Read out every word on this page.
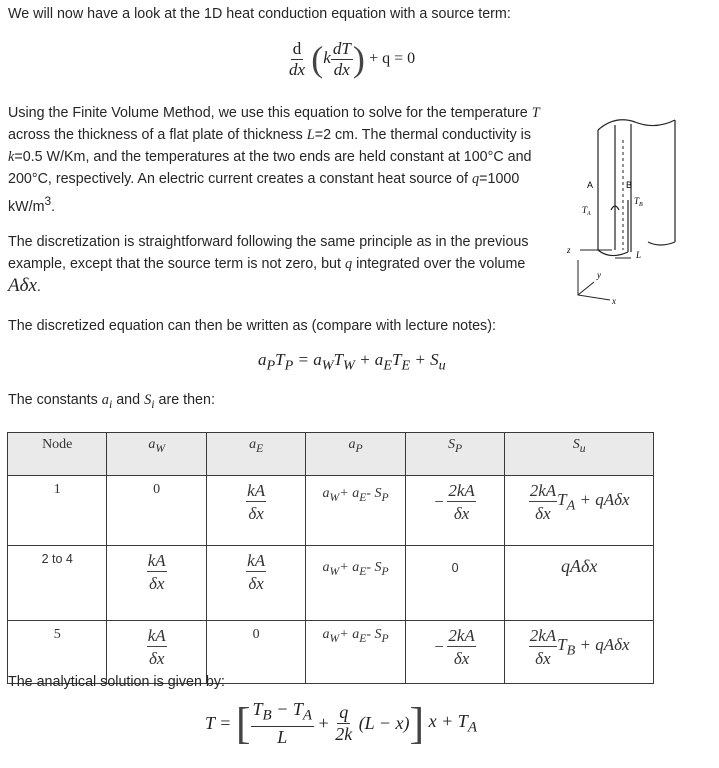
We will now have a look at the 1D heat conduction equation with a source term:

$\frac{d}{dx} (k \frac{dT}{dx}$ ) + q = 0

Using the Finite Volume Method, we use this equation to solve for the temperature T across the thickness of a flat plate of thickness L=2 cm. The thermal conductivity is k=0.5 W/Km, and the temperatures at the two ends are held constant at 100°C and 200°C, respectively. An electric current creates a constant heat source of q=1000 $kW/m^3$.

The discretization is straightforward following the same principle as in the previous example, except that the source term is not zero, but q integrated over the volume Aδx.

A	B
$T_A$
$T_B$
L
z
y
x

The discretized equation can then be written as (compare with lecture notes):

$a_PT_P = a_WT_W + a_ET_E + S_u$

The constants $a_i$ and $S_i$ are then:

Node	$a_W$	$a_E$	$a_P$	$S_P$	$S_u$
1	0	$\frac{kA}{\delta x}$	$a_W+ a_E-$ $S_P$	− $\frac{2kA}{\delta x}$	$\frac{2kA}{\delta x} T_A + qA\delta x$
2 to 4	$\frac{kA}{\delta x}$	$\frac{kA}{\delta x}$	$a_W+ a_E-$ $S_P$	0	qAδx
5	$\frac{kA}{\delta x}$	0	$a_W+ a_E-$ $S_P$	− $\frac{2kA}{\delta x}$	$\frac{2kA}{\delta x} T_B + qA\delta x$

The analytical solution is given by:

T = [ $\frac{T_B - T_A}{L} + \frac{q}{2k} (L - x)$] $x + T_A$
